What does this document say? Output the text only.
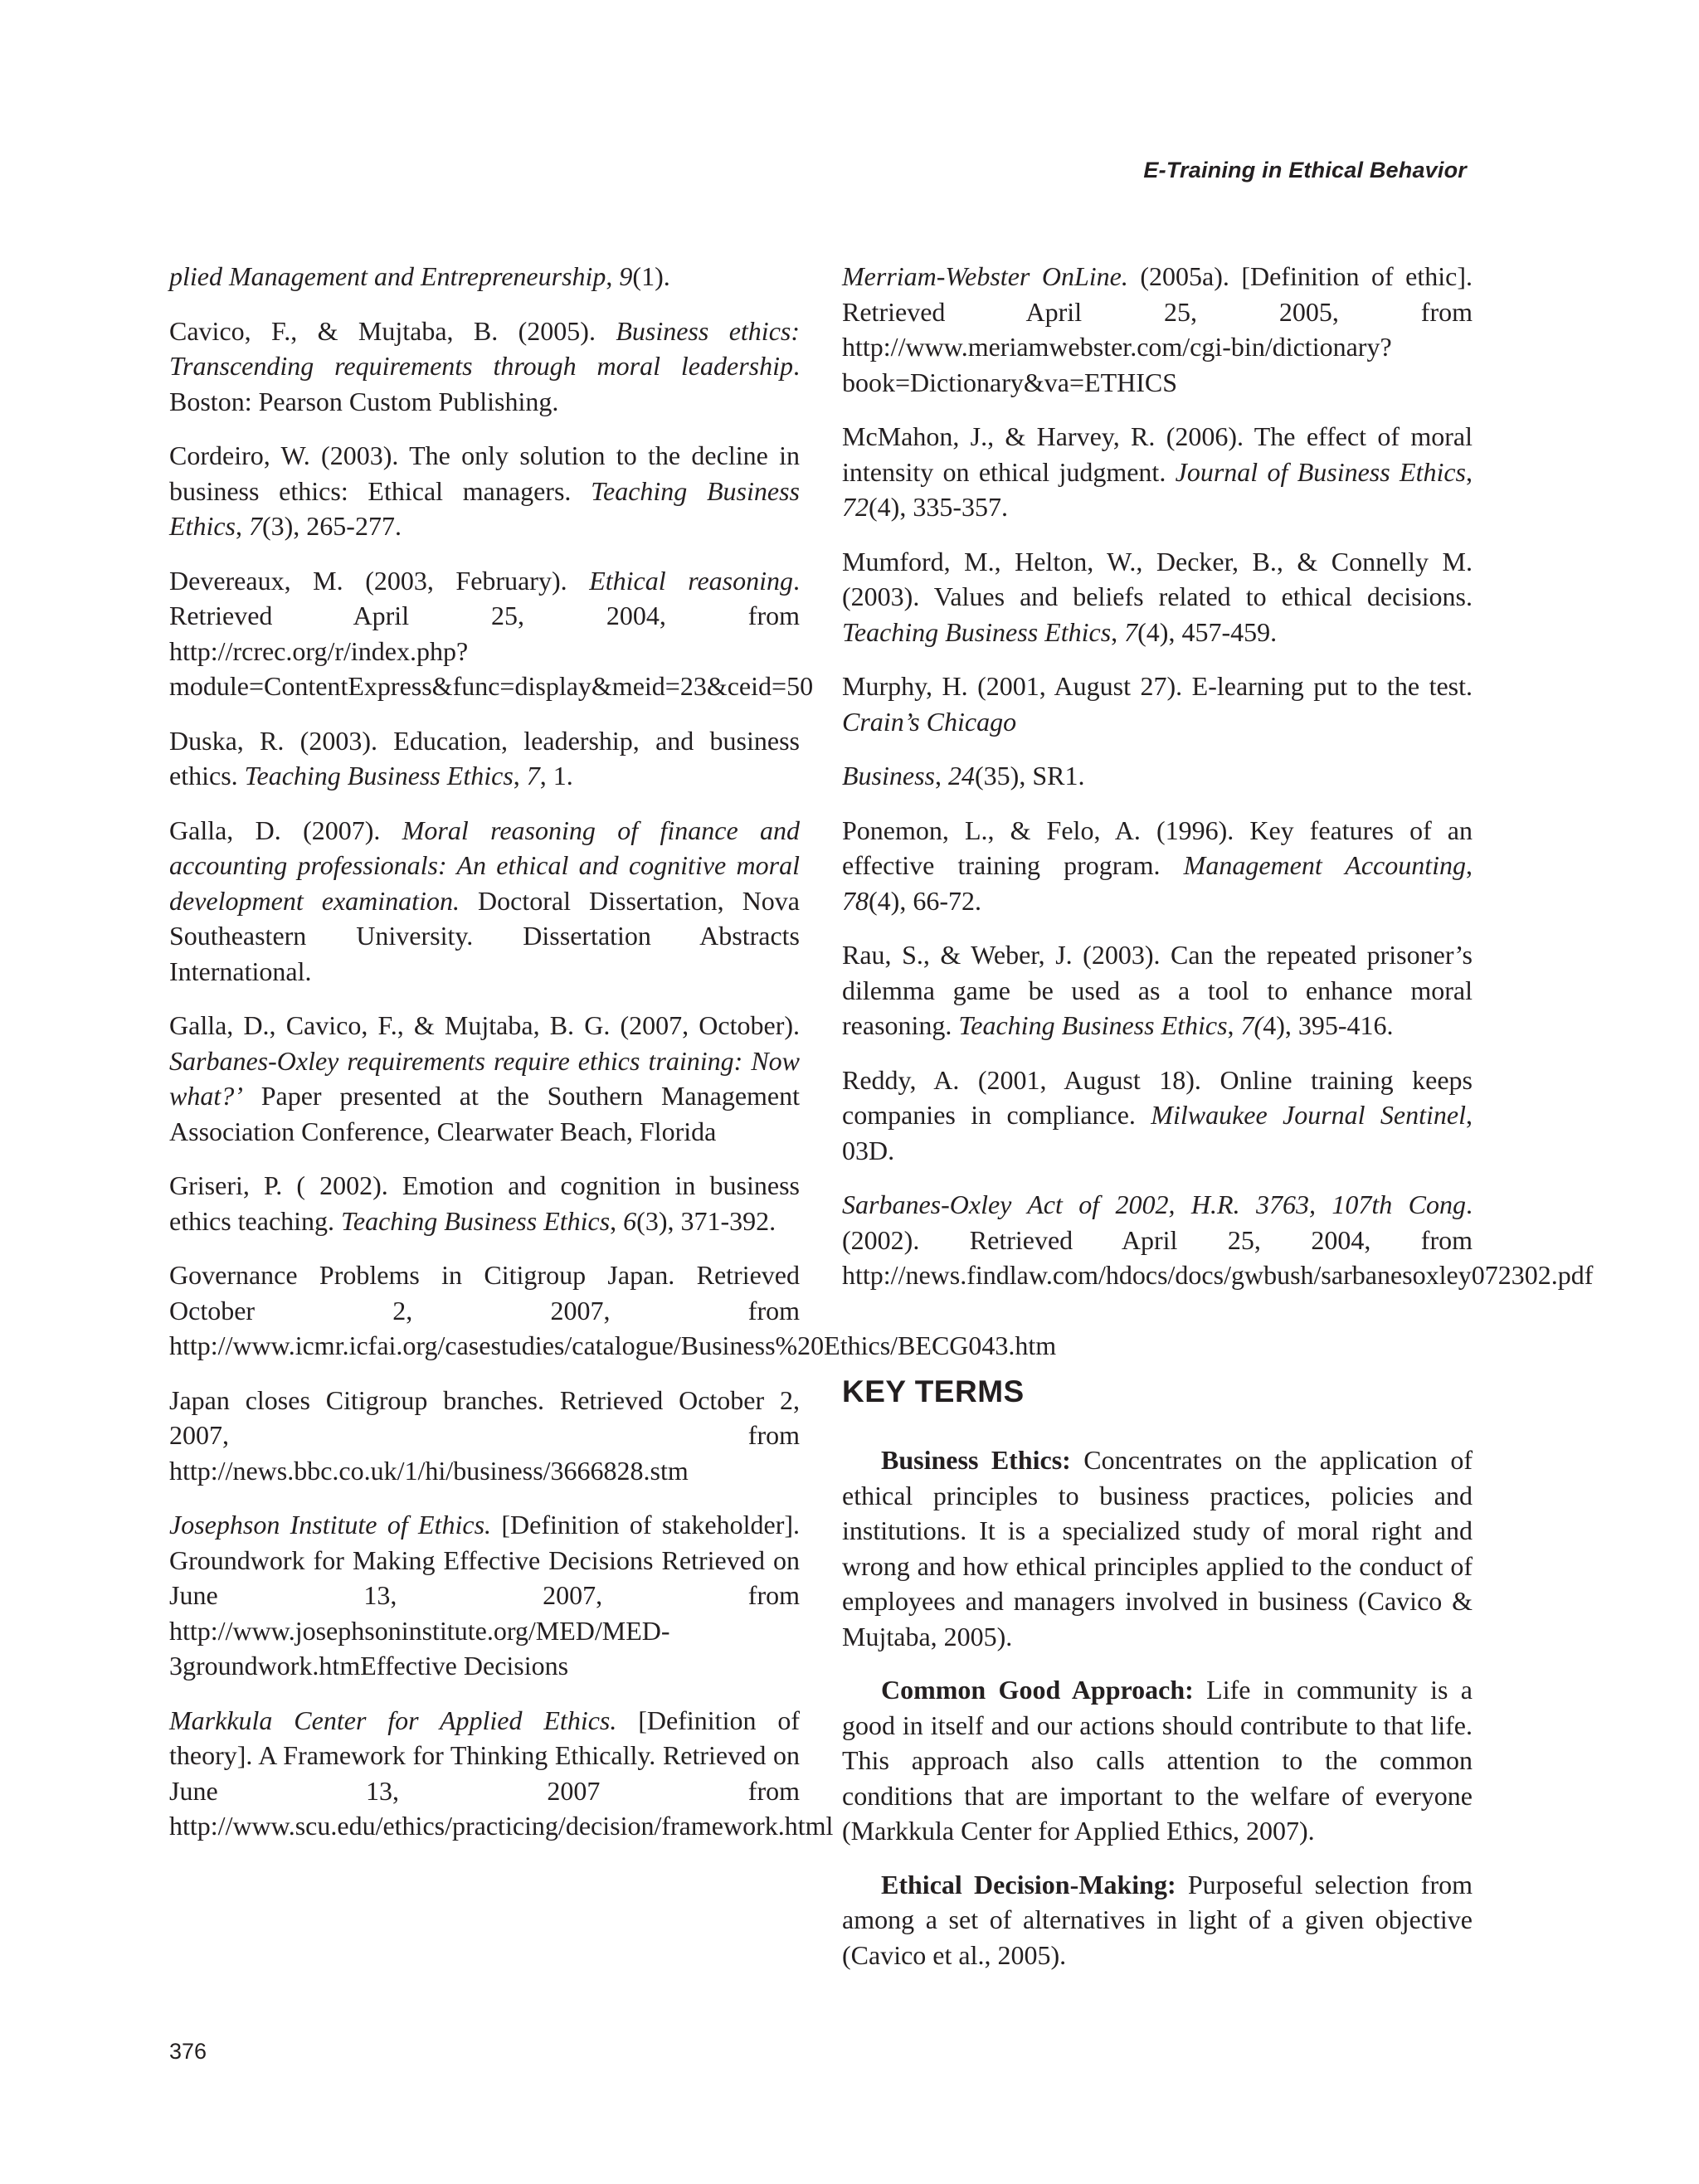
E-Training in Ethical Behavior

plied Management and Entrepreneurship, 9(1).

Cavico, F., & Mujtaba, B. (2005). Business ethics: Transcending requirements through moral leadership. Boston: Pearson Custom Publishing.

Cordeiro, W. (2003). The only solution to the decline in business ethics: Ethical managers. Teaching Business Ethics, 7(3), 265-277.

Devereaux, M. (2003, February). Ethical reasoning. Retrieved April 25, 2004, from http://rcrec.org/r/index.php?module=ContentExpress&func=display&meid=23&ceid=50

Duska, R. (2003). Education, leadership, and business ethics. Teaching Business Ethics, 7, 1.

Galla, D. (2007). Moral reasoning of finance and accounting professionals: An ethical and cognitive moral development examination. Doctoral Dissertation, Nova Southeastern University. Dissertation Abstracts International.

Galla, D., Cavico, F., & Mujtaba, B. G. (2007, October). Sarbanes-Oxley requirements require ethics training: Now what?’ Paper presented at the Southern Management Association Conference, Clearwater Beach, Florida

Griseri, P. ( 2002). Emotion and cognition in business ethics teaching. Teaching Business Ethics, 6(3), 371-392.

Governance Problems in Citigroup Japan. Retrieved October 2, 2007, from http://www.icmr.icfai.org/casestudies/catalogue/Business%20Ethics/BECG043.htm

Japan closes Citigroup branches. Retrieved October 2, 2007, from http://news.bbc.co.uk/1/hi/business/3666828.stm

Josephson Institute of Ethics. [Definition of stakeholder]. Groundwork for Making Effective Decisions Retrieved on June 13, 2007, from http://www.josephsoninstitute.org/MED/MED-3groundwork.htmEffective Decisions

Markkula Center for Applied Ethics. [Definition of theory]. A Framework for Thinking Ethically. Retrieved on June 13, 2007 from http://www.scu.edu/ethics/practicing/decision/framework.html

Merriam-Webster OnLine. (2005a). [Definition of ethic]. Retrieved April 25, 2005, from http://www.meriamwebster.com/cgi-bin/dictionary?book=Dictionary&va=ETHICS

McMahon, J., & Harvey, R. (2006). The effect of moral intensity on ethical judgment. Journal of Business Ethics, 72(4), 335-357.

Mumford, M., Helton, W., Decker, B., & Connelly M. (2003). Values and beliefs related to ethical decisions. Teaching Business Ethics, 7(4), 457-459.

Murphy, H. (2001, August 27). E-learning put to the test. Crain’s Chicago

Business, 24(35), SR1.

Ponemon, L., & Felo, A. (1996). Key features of an effective training program. Management Accounting, 78(4), 66-72.

Rau, S., & Weber, J. (2003). Can the repeated prisoner’s dilemma game be used as a tool to enhance moral reasoning. Teaching Business Ethics, 7(4), 395-416.

Reddy, A. (2001, August 18). Online training keeps companies in compliance. Milwaukee Journal Sentinel, 03D.

Sarbanes-Oxley Act of 2002, H.R. 3763, 107th Cong. (2002). Retrieved April 25, 2004, from http://news.findlaw.com/hdocs/docs/gwbush/sarbanesoxley072302.pdf

KEY TERMS

Business Ethics: Concentrates on the application of ethical principles to business practices, policies and institutions. It is a specialized study of moral right and wrong and how ethical principles applied to the conduct of employees and managers involved in business (Cavico & Mujtaba, 2005).

Common Good Approach: Life in community is a good in itself and our actions should contribute to that life. This approach also calls attention to the common conditions that are important to the welfare of everyone (Markkula Center for Applied Ethics, 2007).

Ethical Decision-Making: Purposeful selection from among a set of alternatives in light of a given objective (Cavico et al., 2005).

376
